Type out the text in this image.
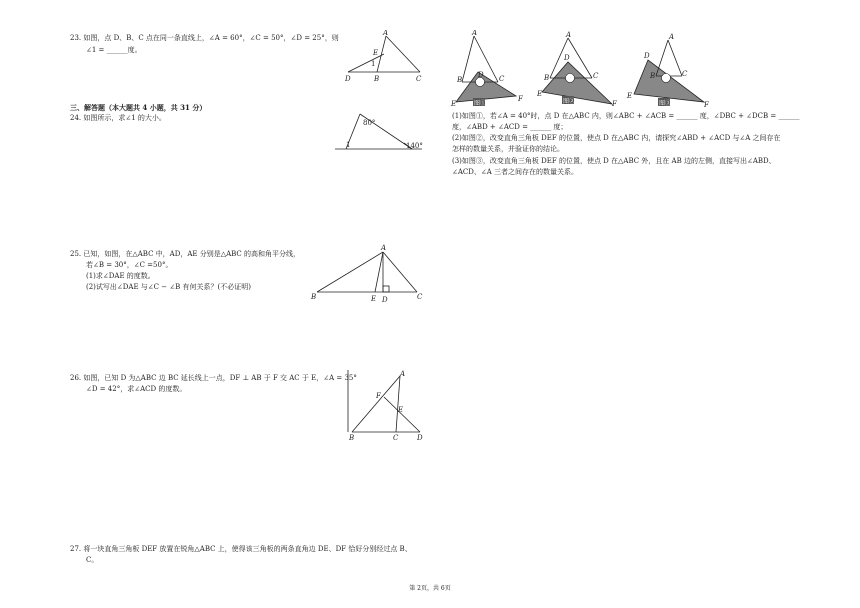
23. 如图，点 D、B、C 点在同一条直线上，∠A = 60°，∠C = 50°，∠D = 25°，则
∠1 = ______度。
A
E
1
D	B	C
三、解答题（本大题共 4 小题，共 31 分）
24. 如图所示，求∠1 的大小。
80°
1	140°
25. 已知，如图，在△ABC 中，AD，AE 分别是△ABC 的高和角平分线，
若∠B = 30°，∠C =50°。
(1)求∠DAE 的度数。
(2)试写出∠DAE 与∠C − ∠B 有何关系？(不必证明)
A
B	E D	C
26. 如图，已知 D 为△ABC 边 BC 延长线上一点，DF ⊥ AB 于 F 交 AC 于 E，∠A = 35°
∠D = 42°，求∠ACD 的度数。
A
F
E
B	C	D
27. 将一块直角三角板 DEF 放置在锐角△ABC 上，使得该三角板的两条直角边 DE、DF 恰好分别经过点 B、
C。
图①
A
B	C
D
E
F	图②
A
B	C
D
E
F	图③
A
B	C
D
E
F
(1)如图①，若∠A = 40°时，点 D 在△ABC 内，则∠ABC + ∠ACB = ______ 度，∠DBC + ∠DCB = ______
度，∠ABD + ∠ACD = ______ 度；
(2)如图②，改变直角三角板 DEF 的位置，使点 D 在△ABC 内，请探究∠ABD + ∠ACD 与∠A 之间存在
怎样的数量关系，并验证你的结论。
(3)如图③，改变直角三角板 DEF 的位置，使点 D 在△ABC 外，且在 AB 边的左侧，直接写出∠ABD、
∠ACD、∠A 三者之间存在的数量关系。
第 2页，共 6页
